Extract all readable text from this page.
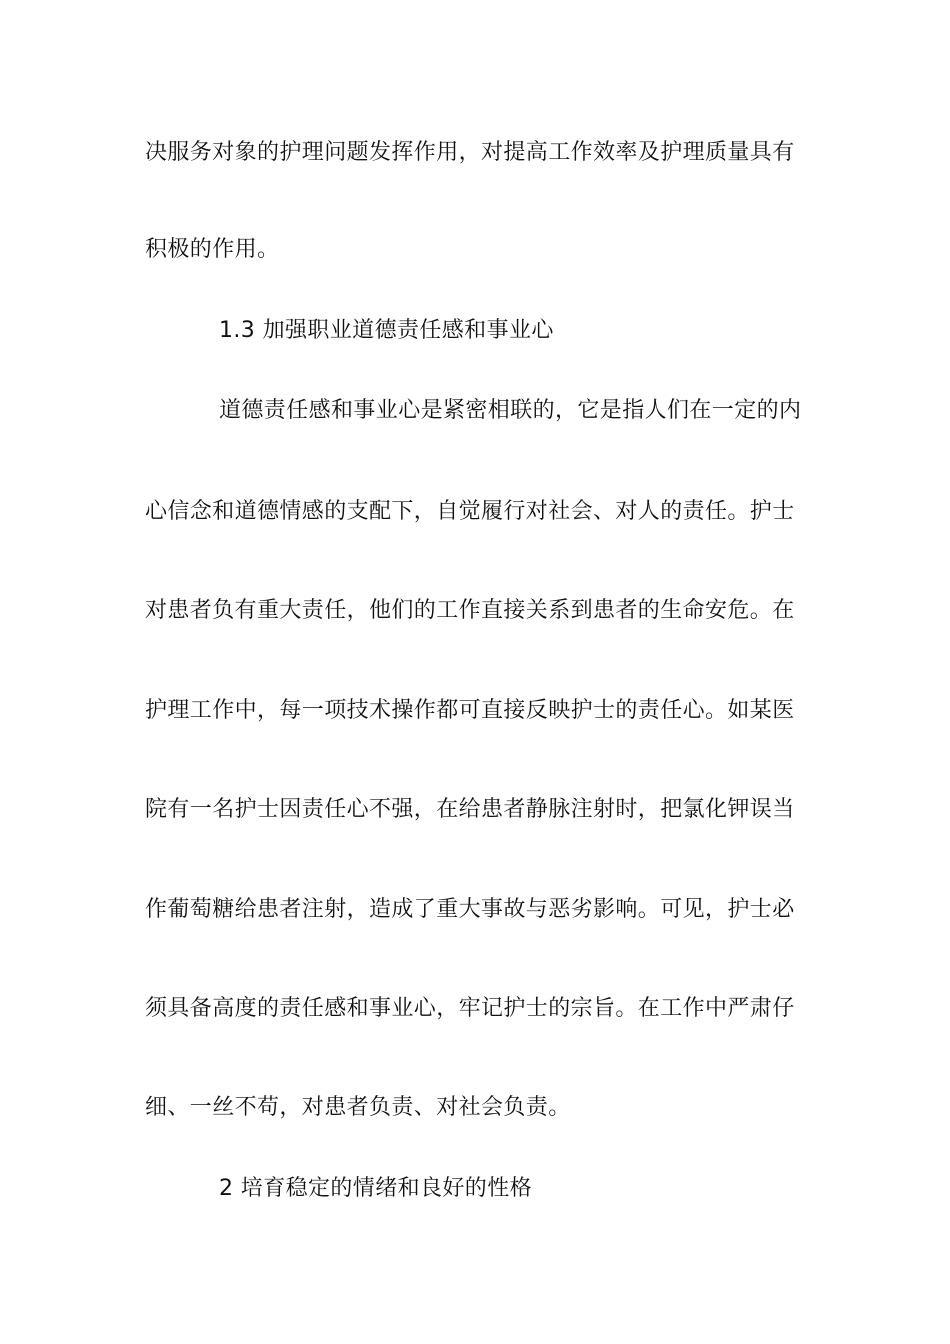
决服务对象的护理问题发挥作用，对提高工作效率及护理质量具有
积极的作用。
1.3 加强职业道德责任感和事业心
道德责任感和事业心是紧密相联的，它是指人们在一定的内
心信念和道德情感的支配下，自觉履行对社会、对人的责任。护士
对患者负有重大责任，他们的工作直接关系到患者的生命安危。在
护理工作中，每一项技术操作都可直接反映护士的责任心。如某医
院有一名护士因责任心不强，在给患者静脉注射时，把氯化钾误当
作葡萄糖给患者注射，造成了重大事故与恶劣影响。可见，护士必
须具备高度的责任感和事业心，牢记护士的宗旨。在工作中严肃仔
细、一丝不苟，对患者负责、对社会负责。
2 培育稳定的情绪和良好的性格
